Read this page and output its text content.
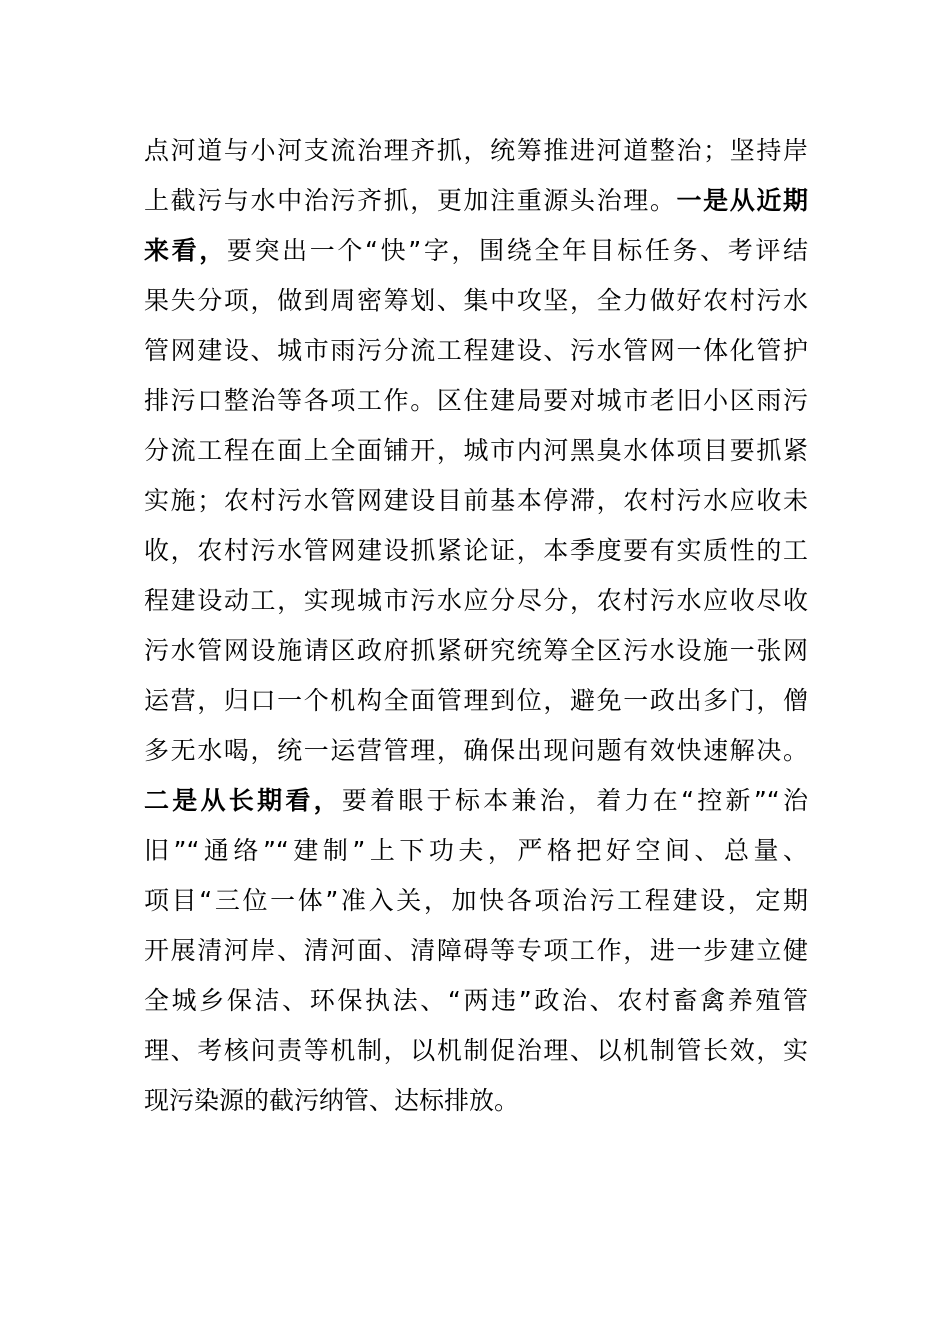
点河道与小河支流治理齐抓，统筹推进河道整治；坚持岸
上截污与水中治污齐抓，更加注重源头治理。一是从近期
来看，要突出一个“快”字，围绕全年目标任务、考评结
果失分项，做到周密筹划、集中攻坚，全力做好农村污水
管网建设、城市雨污分流工程建设、污水管网一体化管护
排污口整治等各项工作。区住建局要对城市老旧小区雨污
分流工程在面上全面铺开，城市内河黑臭水体项目要抓紧
实施；农村污水管网建设目前基本停滞，农村污水应收未
收，农村污水管网建设抓紧论证，本季度要有实质性的工
程建设动工，实现城市污水应分尽分，农村污水应收尽收
污水管网设施请区政府抓紧研究统筹全区污水设施一张网
运营，归口一个机构全面管理到位，避免一政出多门，僧
多无水喝，统一运营管理，确保出现问题有效快速解决。
二是从长期看，要着眼于标本兼治，着力在“控新”“治
旧”“通络”“建制”上下功夫，严格把好空间、总量、
项目“三位一体”准入关，加快各项治污工程建设，定期
开展清河岸、清河面、清障碍等专项工作，进一步建立健
全城乡保洁、环保执法、“两违”政治、农村畜禽养殖管
理、考核问责等机制，以机制促治理、以机制管长效，实
现污染源的截污纳管、达标排放。
